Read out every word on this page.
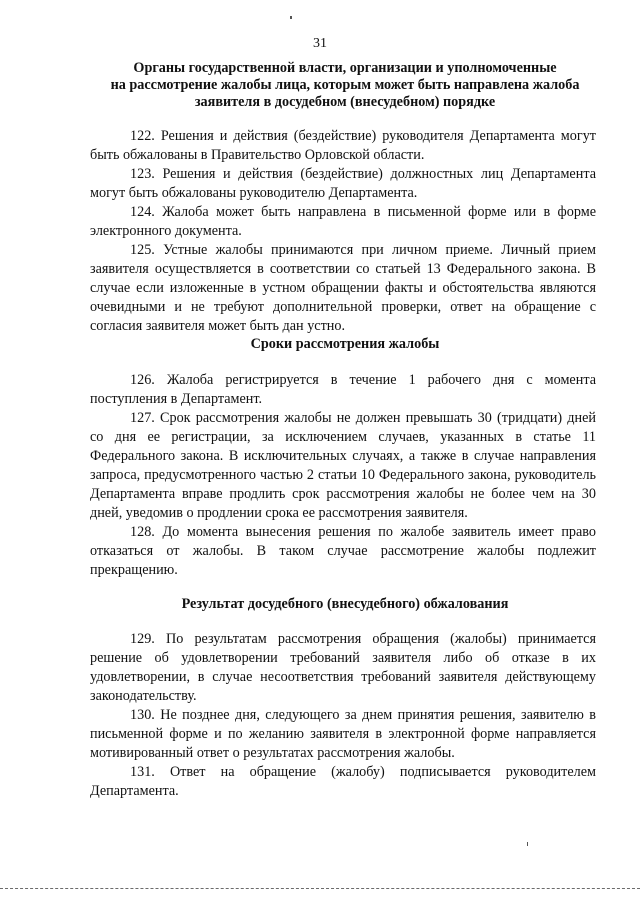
31
Органы государственной власти, организации и уполномоченные
на рассмотрение жалобы лица, которым может быть направлена жалоба
заявителя в досудебном (внесудебном) порядке

122. Решения и действия (бездействие) руководителя Департамента могут быть обжалованы в Правительство Орловской области.

123. Решения и действия (бездействие) должностных лиц Департамента могут быть обжалованы руководителю Департамента.

124. Жалоба может быть направлена в письменной форме или в форме электронного документа.

125. Устные жалобы принимаются при личном приеме. Личный прием заявителя осуществляется в соответствии со статьей 13 Федерального закона. В случае если изложенные в устном обращении факты и обстоятельства являются очевидными и не требуют дополнительной проверки, ответ на обращение с согласия заявителя может быть дан устно.

Сроки рассмотрения жалобы

126. Жалоба регистрируется в течение 1 рабочего дня с момента поступления в Департамент.

127. Срок рассмотрения жалобы не должен превышать 30 (тридцати) дней со дня ее регистрации, за исключением случаев, указанных в статье 11 Федерального закона. В исключительных случаях, а также в случае направления запроса, предусмотренного частью 2 статьи 10 Федерального закона, руководитель Департамента вправе продлить срок рассмотрения жалобы не более чем на 30 дней, уведомив о продлении срока ее рассмотрения заявителя.

128. До момента вынесения решения по жалобе заявитель имеет право отказаться от жалобы. В таком случае рассмотрение жалобы подлежит прекращению.

Результат досудебного (внесудебного) обжалования

129. По результатам рассмотрения обращения (жалобы) принимается решение об удовлетворении требований заявителя либо об отказе в их удовлетворении, в случае несоответствия требований заявителя действующему законодательству.

130. Не позднее дня, следующего за днем принятия решения, заявителю в письменной форме и по желанию заявителя в электронной форме направляется мотивированный ответ о результатах рассмотрения жалобы.

131. Ответ на обращение (жалобу) подписывается руководителем Департамента.
